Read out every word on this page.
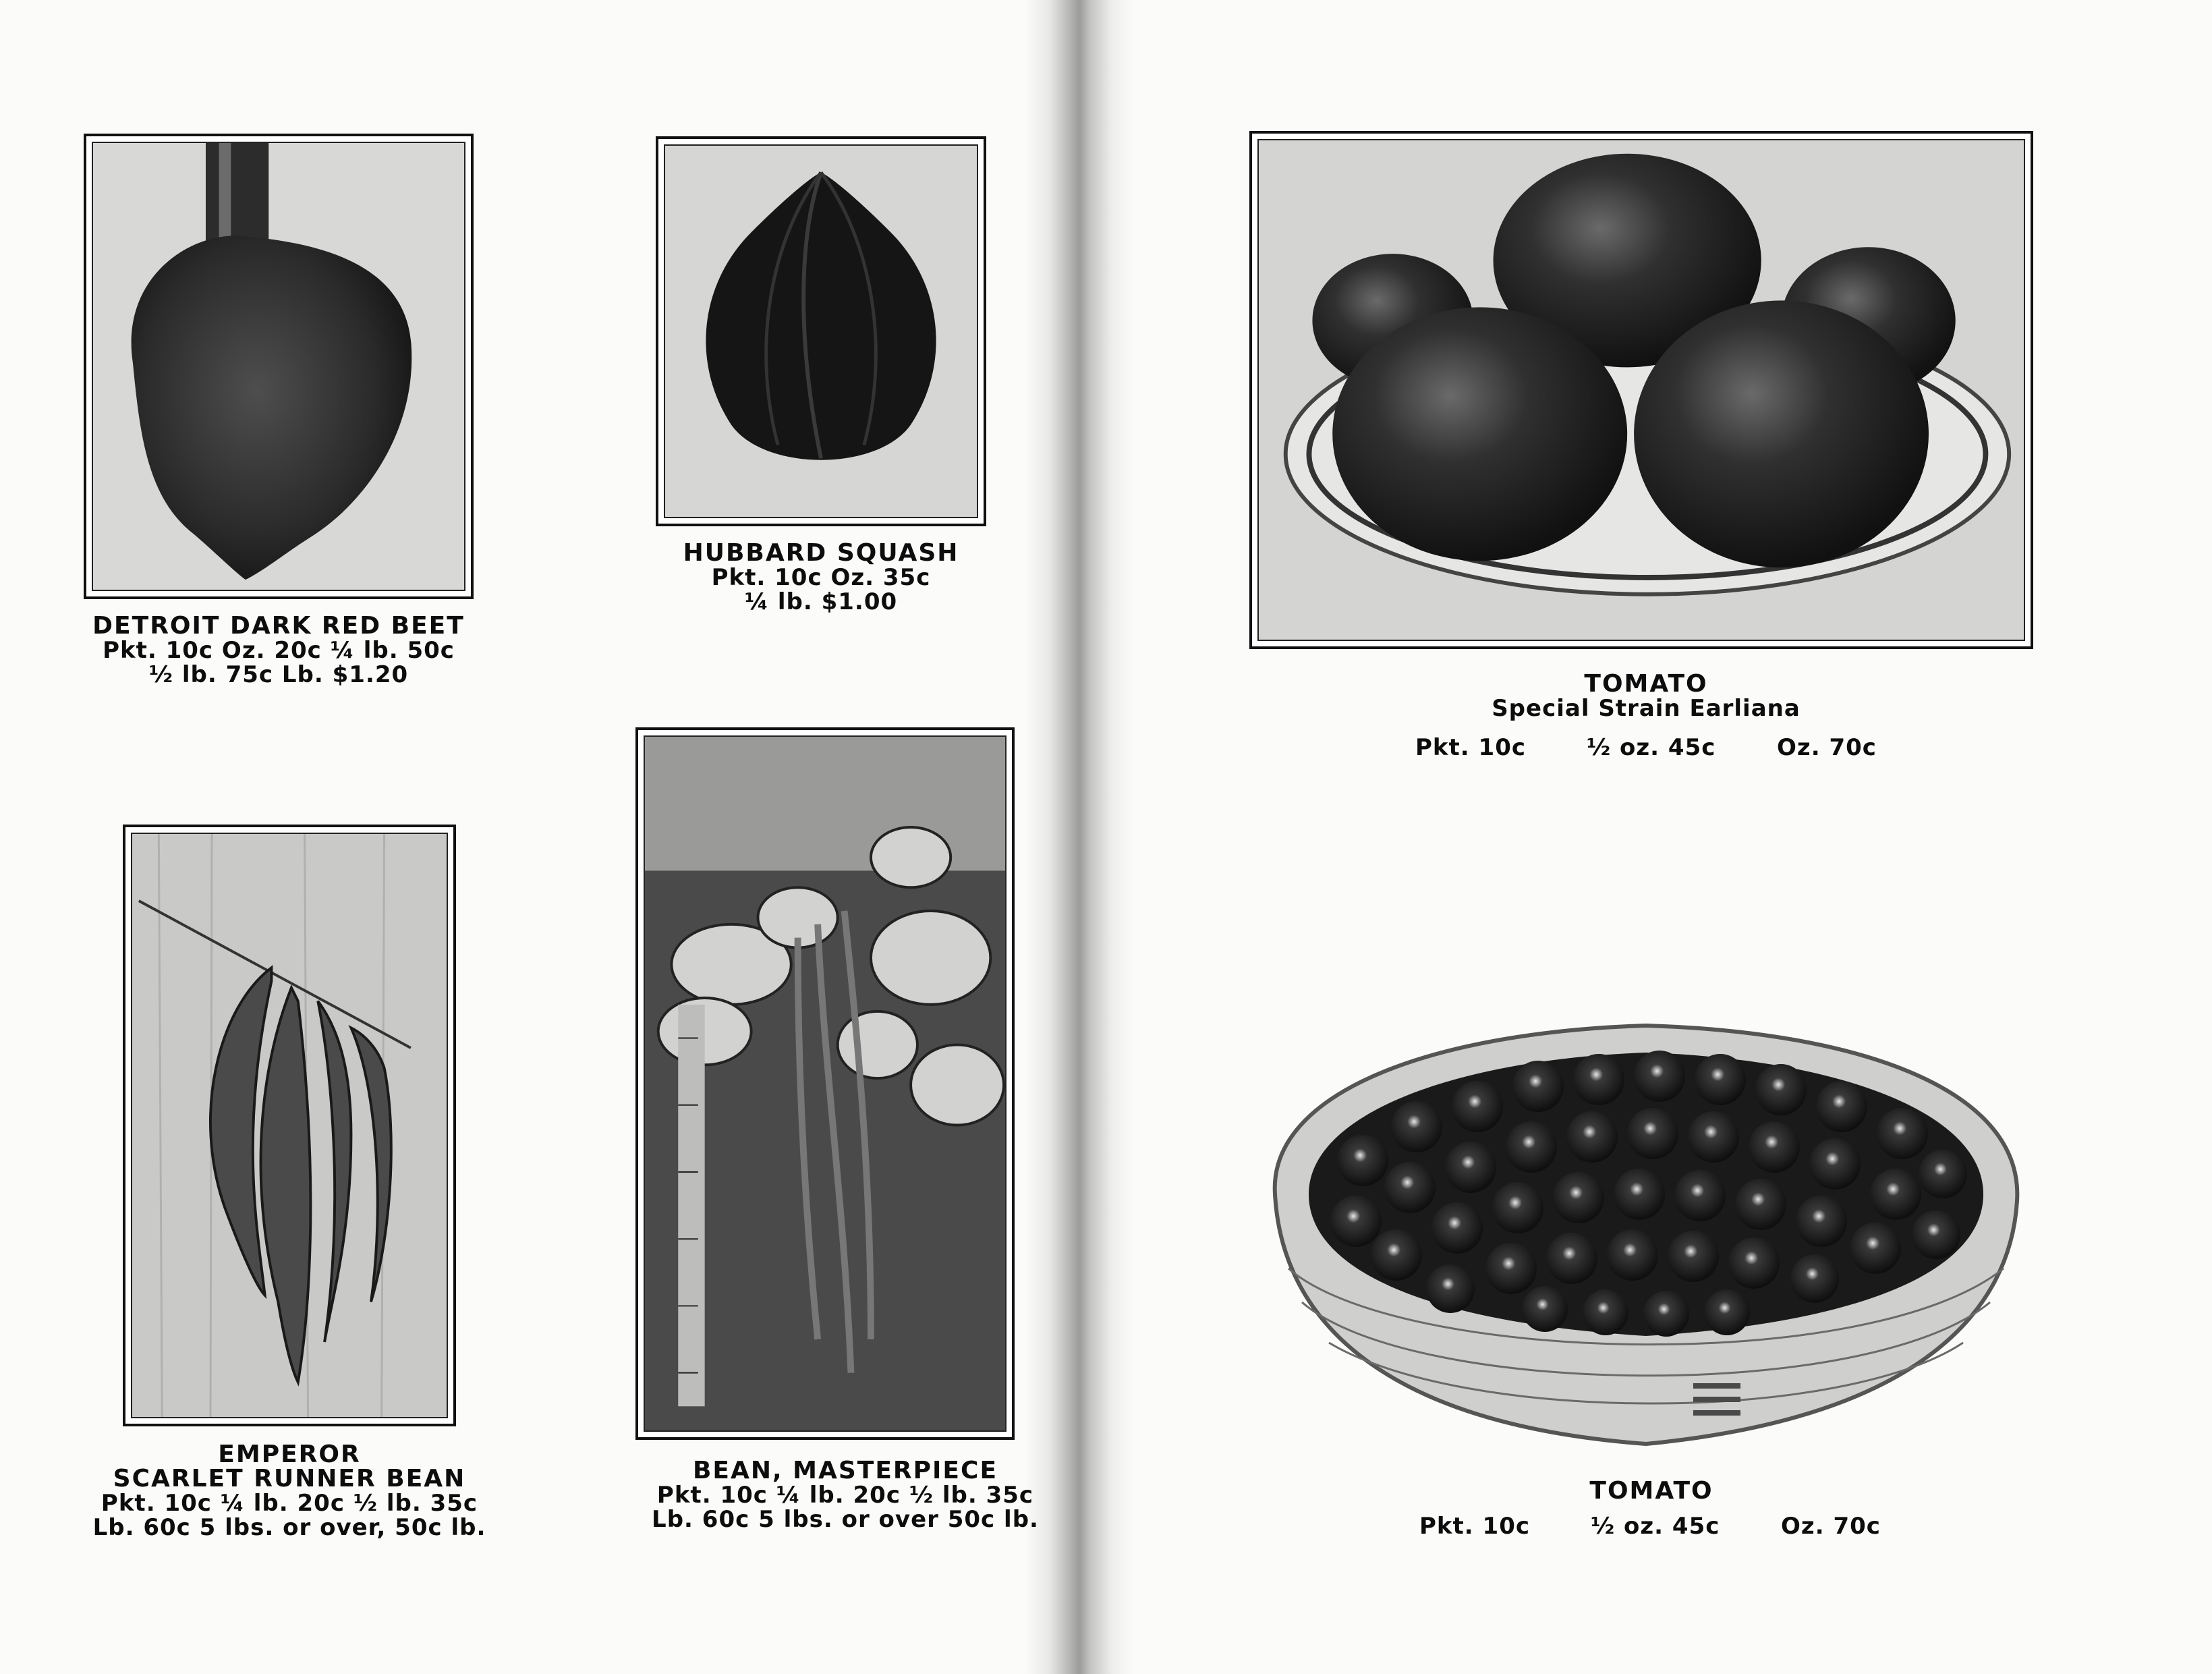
DETROIT DARK RED BEET
Pkt. 10c Oz. 20c ¼ lb. 50c
½ lb. 75c Lb. $1.20
HUBBARD SQUASH
Pkt. 10c Oz. 35c
¼ lb. $1.00
EMPEROR
SCARLET RUNNER BEAN
Pkt. 10c ¼ lb. 20c ½ lb. 35c
Lb. 60c 5 lbs. or over, 50c lb.
BEAN, MASTERPIECE
Pkt. 10c ¼ lb. 20c ½ lb. 35c
Lb. 60c 5 lbs. or over 50c lb.
TOMATO
Special Strain Earliana
Pkt. 10c	½ oz. 45c	Oz. 70c
TOMATO
Pkt. 10c	½ oz. 45c	Oz. 70c
